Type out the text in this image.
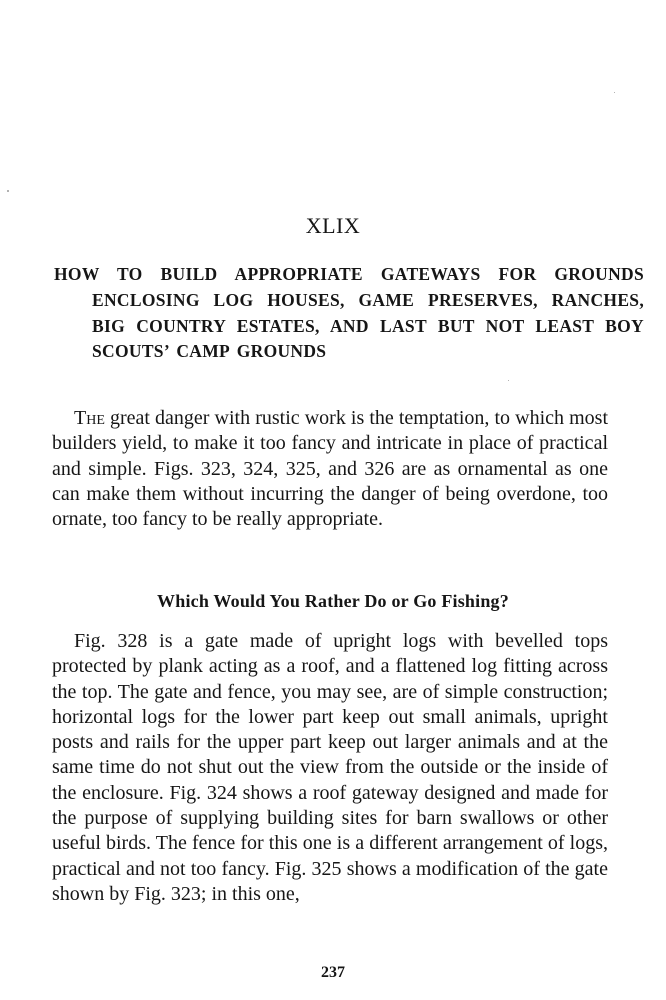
XLIX
HOW TO BUILD APPROPRIATE GATEWAYS FOR GROUNDS ENCLOSING LOG HOUSES, GAME PRESERVES, RANCHES, BIG COUNTRY ESTATES, AND LAST BUT NOT LEAST BOY SCOUTS’ CAMP GROUNDS

The great danger with rustic work is the temptation, to which most builders yield, to make it too fancy and intricate in place of practical and simple. Figs. 323, 324, 325, and 326 are as ornamental as one can make them without incurring the danger of being overdone, too ornate, too fancy to be really appropriate.

Which Would You Rather Do or Go Fishing?

Fig. 328 is a gate made of upright logs with bevelled tops protected by plank acting as a roof, and a flattened log fitting across the top. The gate and fence, you may see, are of simple construction; horizontal logs for the lower part keep out small animals, upright posts and rails for the upper part keep out larger animals and at the same time do not shut out the view from the outside or the inside of the enclosure. Fig. 324 shows a roof gateway designed and made for the purpose of supplying building sites for barn swallows or other useful birds. The fence for this one is a different arrangement of logs, practical and not too fancy. Fig. 325 shows a modification of the gate shown by Fig. 323; in this one,

237
